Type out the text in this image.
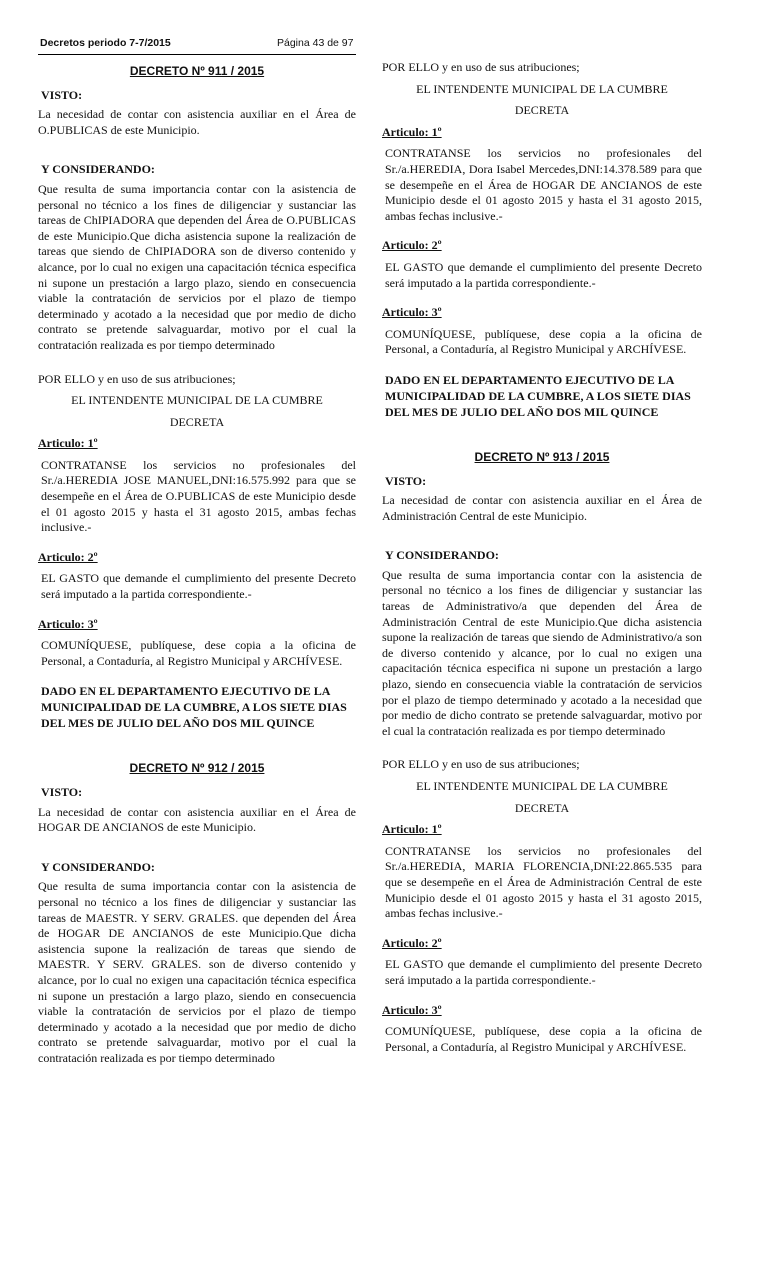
Decretos periodo 7-7/2015	Página 43 de 97
DECRETO Nº 911 / 2015
VISTO:

La necesidad de contar con asistencia auxiliar en el Área de O.PUBLICAS de este Municipio.

Y CONSIDERANDO:

Que resulta de suma importancia contar con la asistencia de personal no técnico a los fines de diligenciar y sustanciar las tareas de ChIPIADORA que dependen del Área de O.PUBLICAS de este Municipio.Que dicha asistencia supone la realización de tareas que siendo de ChIPIADORA son de diverso contenido y alcance, por lo cual no exigen una capacitación técnica especifica ni supone un prestación a largo plazo, siendo en consecuencia viable la contratación de servicios por el plazo de tiempo determinado y acotado a la necesidad que por medio de dicho contrato se pretende salvaguardar, motivo por el cual la contratación realizada es por tiempo determinado

POR ELLO y en uso de sus atribuciones;

EL INTENDENTE MUNICIPAL DE LA CUMBRE
DECRETA
Articulo: 1º

CONTRATANSE los servicios no profesionales del Sr./a.HEREDIA JOSE MANUEL,DNI:16.575.992 para que se desempeñe en el Área de O.PUBLICAS de este Municipio desde el 01 agosto 2015 y hasta el 31 agosto 2015, ambas fechas inclusive.-

Articulo: 2º

EL GASTO que demande el cumplimiento del presente Decreto será imputado a la partida correspondiente.-

Articulo: 3º

COMUNÍQUESE, publíquese, dese copia a la oficina de Personal, a Contaduría, al Registro Municipal y ARCHÍVESE.

DADO EN EL DEPARTAMENTO EJECUTIVO DE LA MUNICIPALIDAD DE LA CUMBRE, A LOS SIETE DIAS DEL MES DE JULIO DEL AÑO DOS MIL QUINCE
DECRETO Nº 912 / 2015
VISTO:

La necesidad de contar con asistencia auxiliar en el Área de HOGAR DE ANCIANOS de este Municipio.

Y CONSIDERANDO:

Que resulta de suma importancia contar con la asistencia de personal no técnico a los fines de diligenciar y sustanciar las tareas de MAESTR. Y SERV. GRALES. que dependen del Área de HOGAR DE ANCIANOS de este Municipio.Que dicha asistencia supone la realización de tareas que siendo de MAESTR. Y SERV. GRALES. son de diverso contenido y alcance, por lo cual no exigen una capacitación técnica especifica ni supone un prestación a largo plazo, siendo en consecuencia viable la contratación de servicios por el plazo de tiempo determinado y acotado a la necesidad que por medio de dicho contrato se pretende salvaguardar, motivo por el cual la contratación realizada es por tiempo determinado

POR ELLO y en uso de sus atribuciones;

EL INTENDENTE MUNICIPAL DE LA CUMBRE
DECRETA
Articulo: 1º

CONTRATANSE los servicios no profesionales del Sr./a.HEREDIA, Dora Isabel Mercedes,DNI:14.378.589 para que se desempeñe en el Área de HOGAR DE ANCIANOS de este Municipio desde el 01 agosto 2015 y hasta el 31 agosto 2015, ambas fechas inclusive.-

Articulo: 2º

EL GASTO que demande el cumplimiento del presente Decreto será imputado a la partida correspondiente.-

Articulo: 3º

COMUNÍQUESE, publíquese, dese copia a la oficina de Personal, a Contaduría, al Registro Municipal y ARCHÍVESE.

DADO EN EL DEPARTAMENTO EJECUTIVO DE LA MUNICIPALIDAD DE LA CUMBRE, A LOS SIETE DIAS DEL MES DE JULIO DEL AÑO DOS MIL QUINCE
DECRETO Nº 913 / 2015
VISTO:

La necesidad de contar con asistencia auxiliar en el Área de Administración Central de este Municipio.

Y CONSIDERANDO:

Que resulta de suma importancia contar con la asistencia de personal no técnico a los fines de diligenciar y sustanciar las tareas de Administrativo/a que dependen del Área de Administración Central de este Municipio.Que dicha asistencia supone la realización de tareas que siendo de Administrativo/a son de diverso contenido y alcance, por lo cual no exigen una capacitación técnica especifica ni supone un prestación a largo plazo, siendo en consecuencia viable la contratación de servicios por el plazo de tiempo determinado y acotado a la necesidad que por medio de dicho contrato se pretende salvaguardar, motivo por el cual la contratación realizada es por tiempo determinado

POR ELLO y en uso de sus atribuciones;

EL INTENDENTE MUNICIPAL DE LA CUMBRE
DECRETA
Articulo: 1º

CONTRATANSE los servicios no profesionales del Sr./a.HEREDIA, MARIA FLORENCIA,DNI:22.865.535 para que se desempeñe en el Área de Administración Central de este Municipio desde el 01 agosto 2015 y hasta el 31 agosto 2015, ambas fechas inclusive.-

Articulo: 2º

EL GASTO que demande el cumplimiento del presente Decreto será imputado a la partida correspondiente.-

Articulo: 3º

COMUNÍQUESE, publíquese, dese copia a la oficina de Personal, a Contaduría, al Registro Municipal y ARCHÍVESE.
